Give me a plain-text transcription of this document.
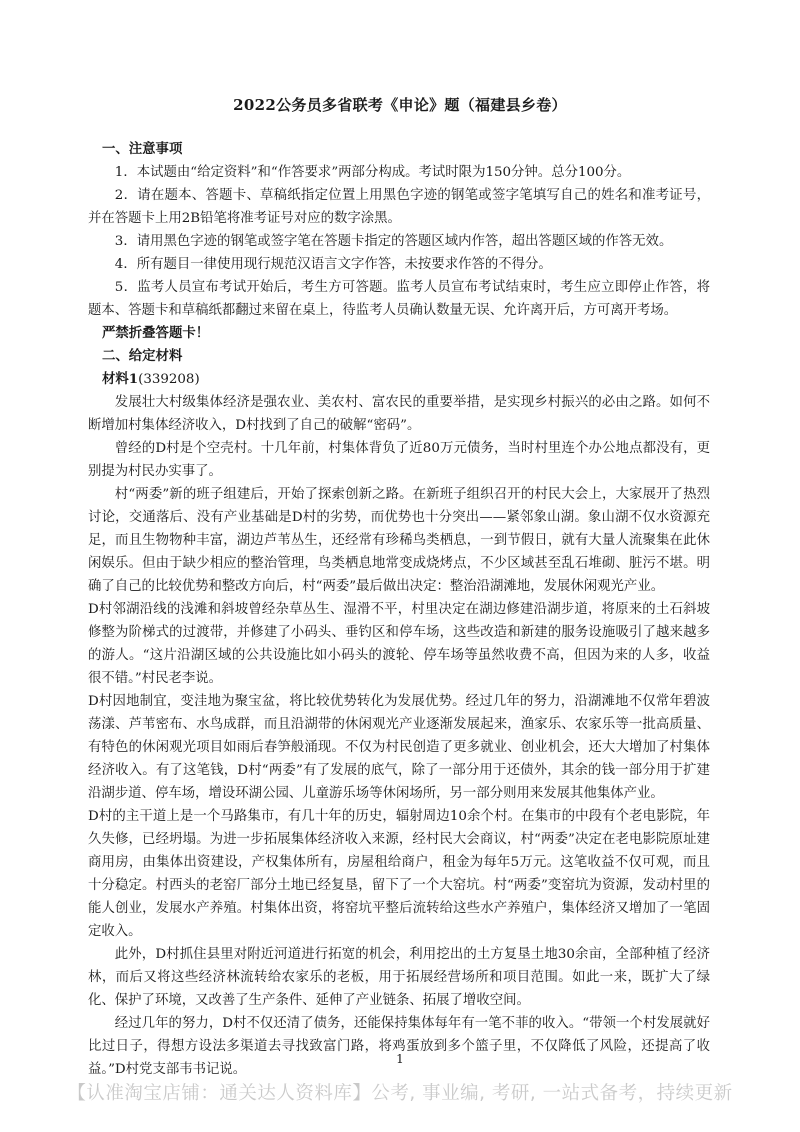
2022公务员多省联考《申论》题（福建县乡卷）

一、注意事项

1．本试题由“给定资料”和“作答要求”两部分构成。考试时限为150分钟。总分100分。

2．请在题本、答题卡、草稿纸指定位置上用黑色字迹的钢笔或签字笔填写自己的姓名和准考证号，并在答题卡上用2B铅笔将准考证号对应的数字涂黑。

3．请用黑色字迹的钢笔或签字笔在答题卡指定的答题区域内作答，超出答题区域的作答无效。

4．所有题目一律使用现行规范汉语言文字作答，未按要求作答的不得分。

5．监考人员宣布考试开始后，考生方可答题。监考人员宣布考试结束时，考生应立即停止作答，将题本、答题卡和草稿纸都翻过来留在桌上，待监考人员确认数量无误、允许离开后，方可离开考场。

严禁折叠答题卡！

二、给定材料

材料1(339208)

发展壮大村级集体经济是强农业、美农村、富农民的重要举措，是实现乡村振兴的必由之路。如何不断增加村集体经济收入，D村找到了自己的破解“密码”。

曾经的D村是个空壳村。十几年前，村集体背负了近80万元债务，当时村里连个办公地点都没有，更别提为村民办实事了。

村“两委”新的班子组建后，开始了探索创新之路。在新班子组织召开的村民大会上，大家展开了热烈讨论，交通落后、没有产业基础是D村的劣势，而优势也十分突出——紧邻象山湖。象山湖不仅水资源充足，而且生物物种丰富，湖边芦苇丛生，还经常有珍稀鸟类栖息，一到节假日，就有大量人流聚集在此休闲娱乐。但由于缺少相应的整治管理，鸟类栖息地常变成烧烤点，不少区域甚至乱石堆砌、脏污不堪。明确了自己的比较优势和整改方向后，村“两委”最后做出决定：整治沿湖滩地，发展休闲观光产业。

D村邻湖沿线的浅滩和斜坡曾经杂草丛生、湿滑不平，村里决定在湖边修建沿湖步道，将原来的土石斜坡修整为阶梯式的过渡带，并修建了小码头、垂钓区和停车场，这些改造和新建的服务设施吸引了越来越多的游人。“这片沿湖区域的公共设施比如小码头的渡轮、停车场等虽然收费不高，但因为来的人多，收益很不错。”村民老李说。

D村因地制宜，变洼地为聚宝盆，将比较优势转化为发展优势。经过几年的努力，沿湖滩地不仅常年碧波荡漾、芦苇密布、水鸟成群，而且沿湖带的休闲观光产业逐渐发展起来，渔家乐、农家乐等一批高质量、有特色的休闲观光项目如雨后春笋般涌现。不仅为村民创造了更多就业、创业机会，还大大增加了村集体经济收入。有了这笔钱，D村“两委”有了发展的底气，除了一部分用于还债外，其余的钱一部分用于扩建沿湖步道、停车场，增设环湖公园、儿童游乐场等休闲场所，另一部分则用来发展其他集体产业。

D村的主干道上是一个马路集市，有几十年的历史，辐射周边10余个村。在集市的中段有个老电影院，年久失修，已经坍塌。为进一步拓展集体经济收入来源，经村民大会商议，村“两委”决定在老电影院原址建商用房，由集体出资建设，产权集体所有，房屋租给商户，租金为每年5万元。这笔收益不仅可观，而且十分稳定。村西头的老窑厂部分土地已经复垦，留下了一个大窑坑。村“两委”变窑坑为资源，发动村里的能人创业，发展水产养殖。村集体出资，将窑坑平整后流转给这些水产养殖户，集体经济又增加了一笔固定收入。

此外，D村抓住县里对附近河道进行拓宽的机会，利用挖出的土方复垦土地30余亩，全部种植了经济林，而后又将这些经济林流转给农家乐的老板，用于拓展经营场所和项目范围。如此一来，既扩大了绿化、保护了环境，又改善了生产条件、延伸了产业链条、拓展了增收空间。

经过几年的努力，D村不仅还清了债务，还能保持集体每年有一笔不菲的收入。“带领一个村发展就好比过日子，得想方设法多渠道去寻找致富门路，将鸡蛋放到多个篮子里，不仅降低了风险，还提高了收益。”D村党支部韦书记说。

1
【认准淘宝店铺：通关达人资料库】公考, 事业编, 考研, 一站式备考，持续更新
